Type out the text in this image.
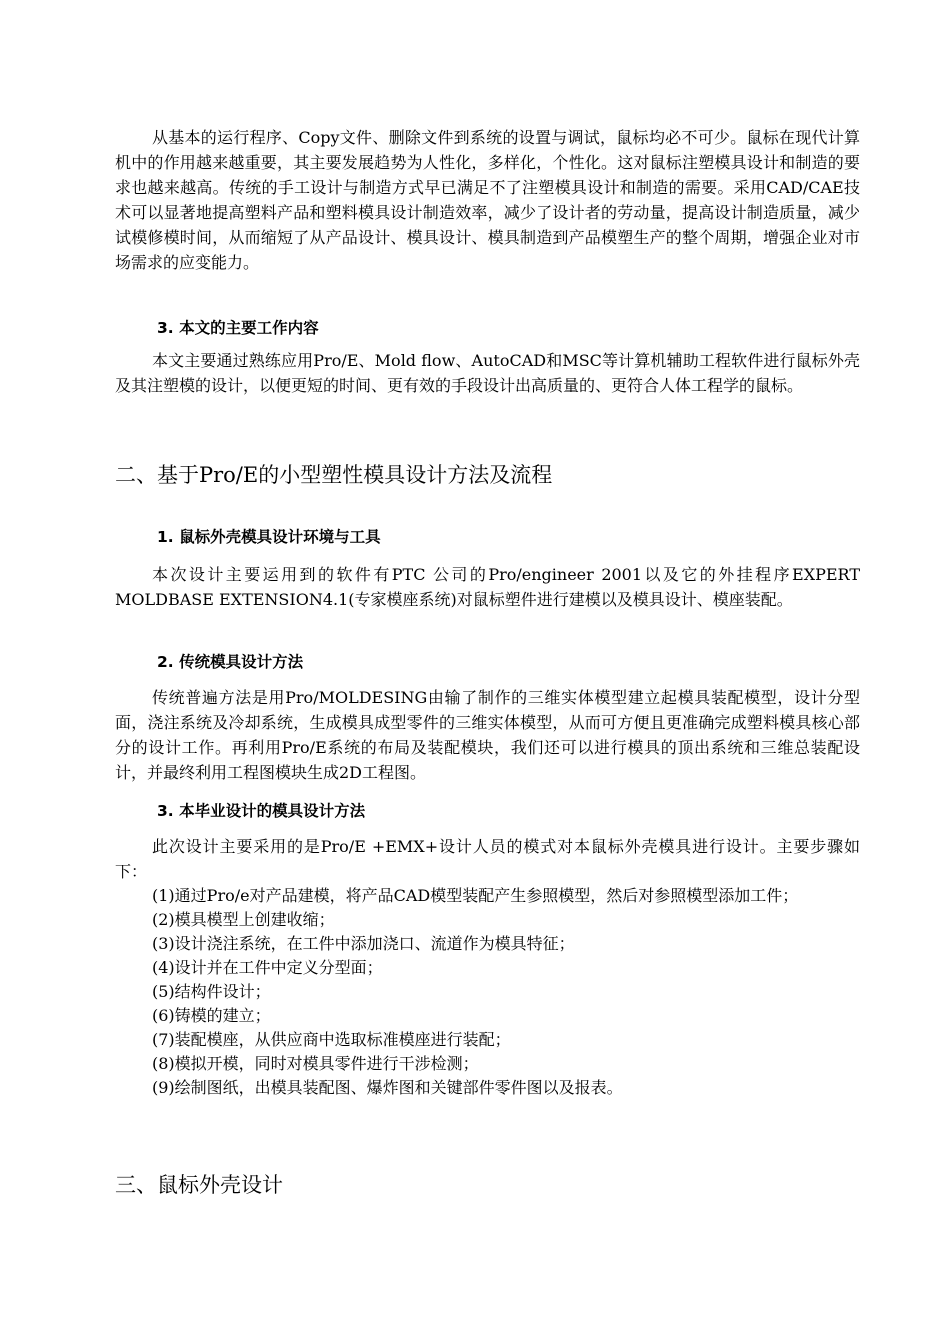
从基本的运行程序、Copy文件、删除文件到系统的设置与调试，鼠标均必不可少。鼠标在现代计算机中的作用越来越重要，其主要发展趋势为人性化，多样化，个性化。这对鼠标注塑模具设计和制造的要求也越来越高。传统的手工设计与制造方式早已满足不了注塑模具设计和制造的需要。采用CAD/CAE技术可以显著地提高塑料产品和塑料模具设计制造效率，减少了设计者的劳动量，提高设计制造质量，减少试模修模时间，从而缩短了从产品设计、模具设计、模具制造到产品模塑生产的整个周期，增强企业对市场需求的应变能力。

3. 本文的主要工作内容

本文主要通过熟练应用Pro/E、Mold flow、AutoCAD和MSC等计算机辅助工程软件进行鼠标外壳及其注塑模的设计，以便更短的时间、更有效的手段设计出高质量的、更符合人体工程学的鼠标。

二、基于Pro/E的小型塑性模具设计方法及流程
1. 鼠标外壳模具设计环境与工具

本次设计主要运用到的软件有PTC 公司的Pro/engineer 2001以及它的外挂程序EXPERT MOLDBASE EXTENSION4.1(专家模座系统)对鼠标塑件进行建模以及模具设计、模座装配。

2. 传统模具设计方法

传统普遍方法是用Pro/MOLDESING由输了制作的三维实体模型建立起模具装配模型，设计分型面，浇注系统及冷却系统，生成模具成型零件的三维实体模型，从而可方便且更准确完成塑料模具核心部分的设计工作。再利用Pro/E系统的布局及装配模块，我们还可以进行模具的顶出系统和三维总装配设计，并最终利用工程图模块生成2D工程图。

3. 本毕业设计的模具设计方法

此次设计主要采用的是Pro/E +EMX+设计人员的模式对本鼠标外壳模具进行设计。主要步骤如下：

(1) 通过Pro/e对产品建模，将产品CAD模型装配产生参照模型，然后对参照模型添加工件；
(2) 模具模型上创建收缩；
(3) 设计浇注系统，在工件中添加浇口、流道作为模具特征；
(4) 设计并在工件中定义分型面；
(5) 结构件设计；
(6) 铸模的建立；
(7) 装配模座，从供应商中选取标准模座进行装配；
(8) 模拟开模，同时对模具零件进行干涉检测；
(9) 绘制图纸，出模具装配图、爆炸图和关键部件零件图以及报表。
三、鼠标外壳设计
